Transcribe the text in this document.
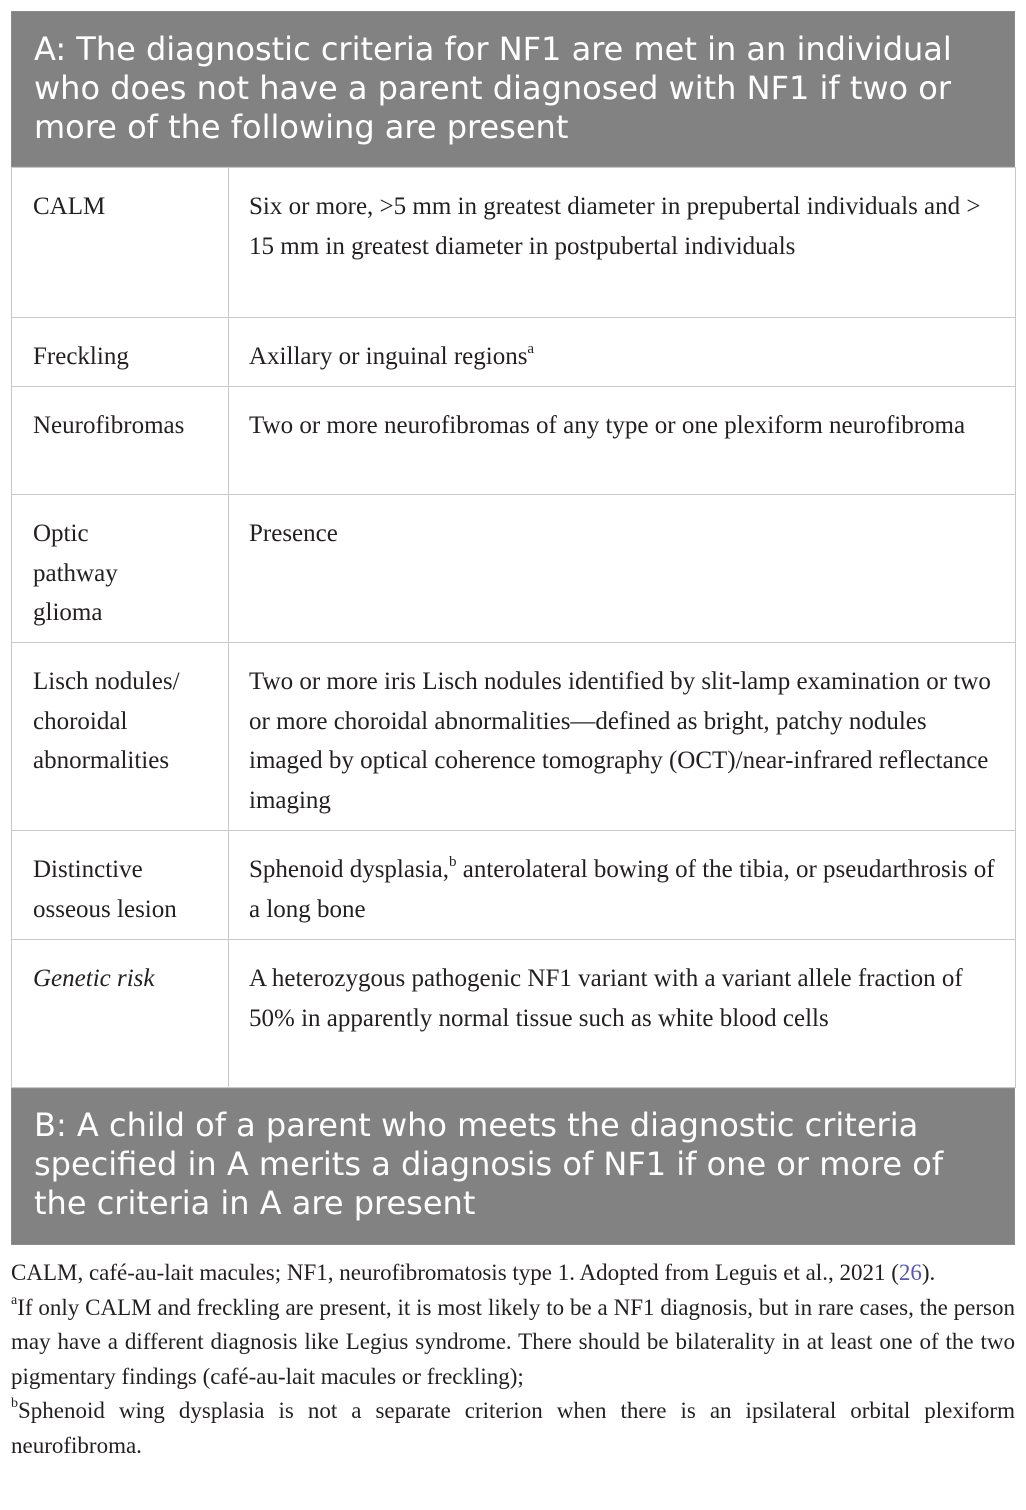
A: The diagnostic criteria for NF1 are met in an individual who does not have a parent diagnosed with NF1 if two or more of the following are present
CALM	Six or more, >5 mm in greatest diameter in prepubertal individuals and > 15 mm in greatest diameter in postpubertal individuals
Freckling	Axillary or inguinal regions$^a$
Neurofibromas	Two or more neurofibromas of any type or one plexiform neurofibroma
Optic pathway glioma	Presence
Lisch nodules/ choroidal abnormalities	Two or more iris Lisch nodules identified by slit-lamp examination or two or more choroidal abnormalities—defined as bright, patchy nodules imaged by optical coherence tomography (OCT)/near-infrared reflectance imaging
Distinctive osseous lesion	Sphenoid dysplasia,$^b$ anterolateral bowing of the tibia, or pseudarthrosis of a long bone
Genetic risk	A heterozygous pathogenic NF1 variant with a variant allele fraction of 50% in apparently normal tissue such as white blood cells
B: A child of a parent who meets the diagnostic criteria specified in A merits a diagnosis of NF1 if one or more of the criteria in A are present

CALM, café-au-lait macules; NF1, neurofibromatosis type 1. Adopted from Leguis et al., 2021 (26).

$^a$If only CALM and freckling are present, it is most likely to be a NF1 diagnosis, but in rare cases, the person may have a different diagnosis like Legius syndrome. There should be bilaterality in at least one of the two pigmentary findings (café-au-lait macules or freckling);

$^b$Sphenoid wing dysplasia is not a separate criterion when there is an ipsilateral orbital plexiform neurofibroma.
